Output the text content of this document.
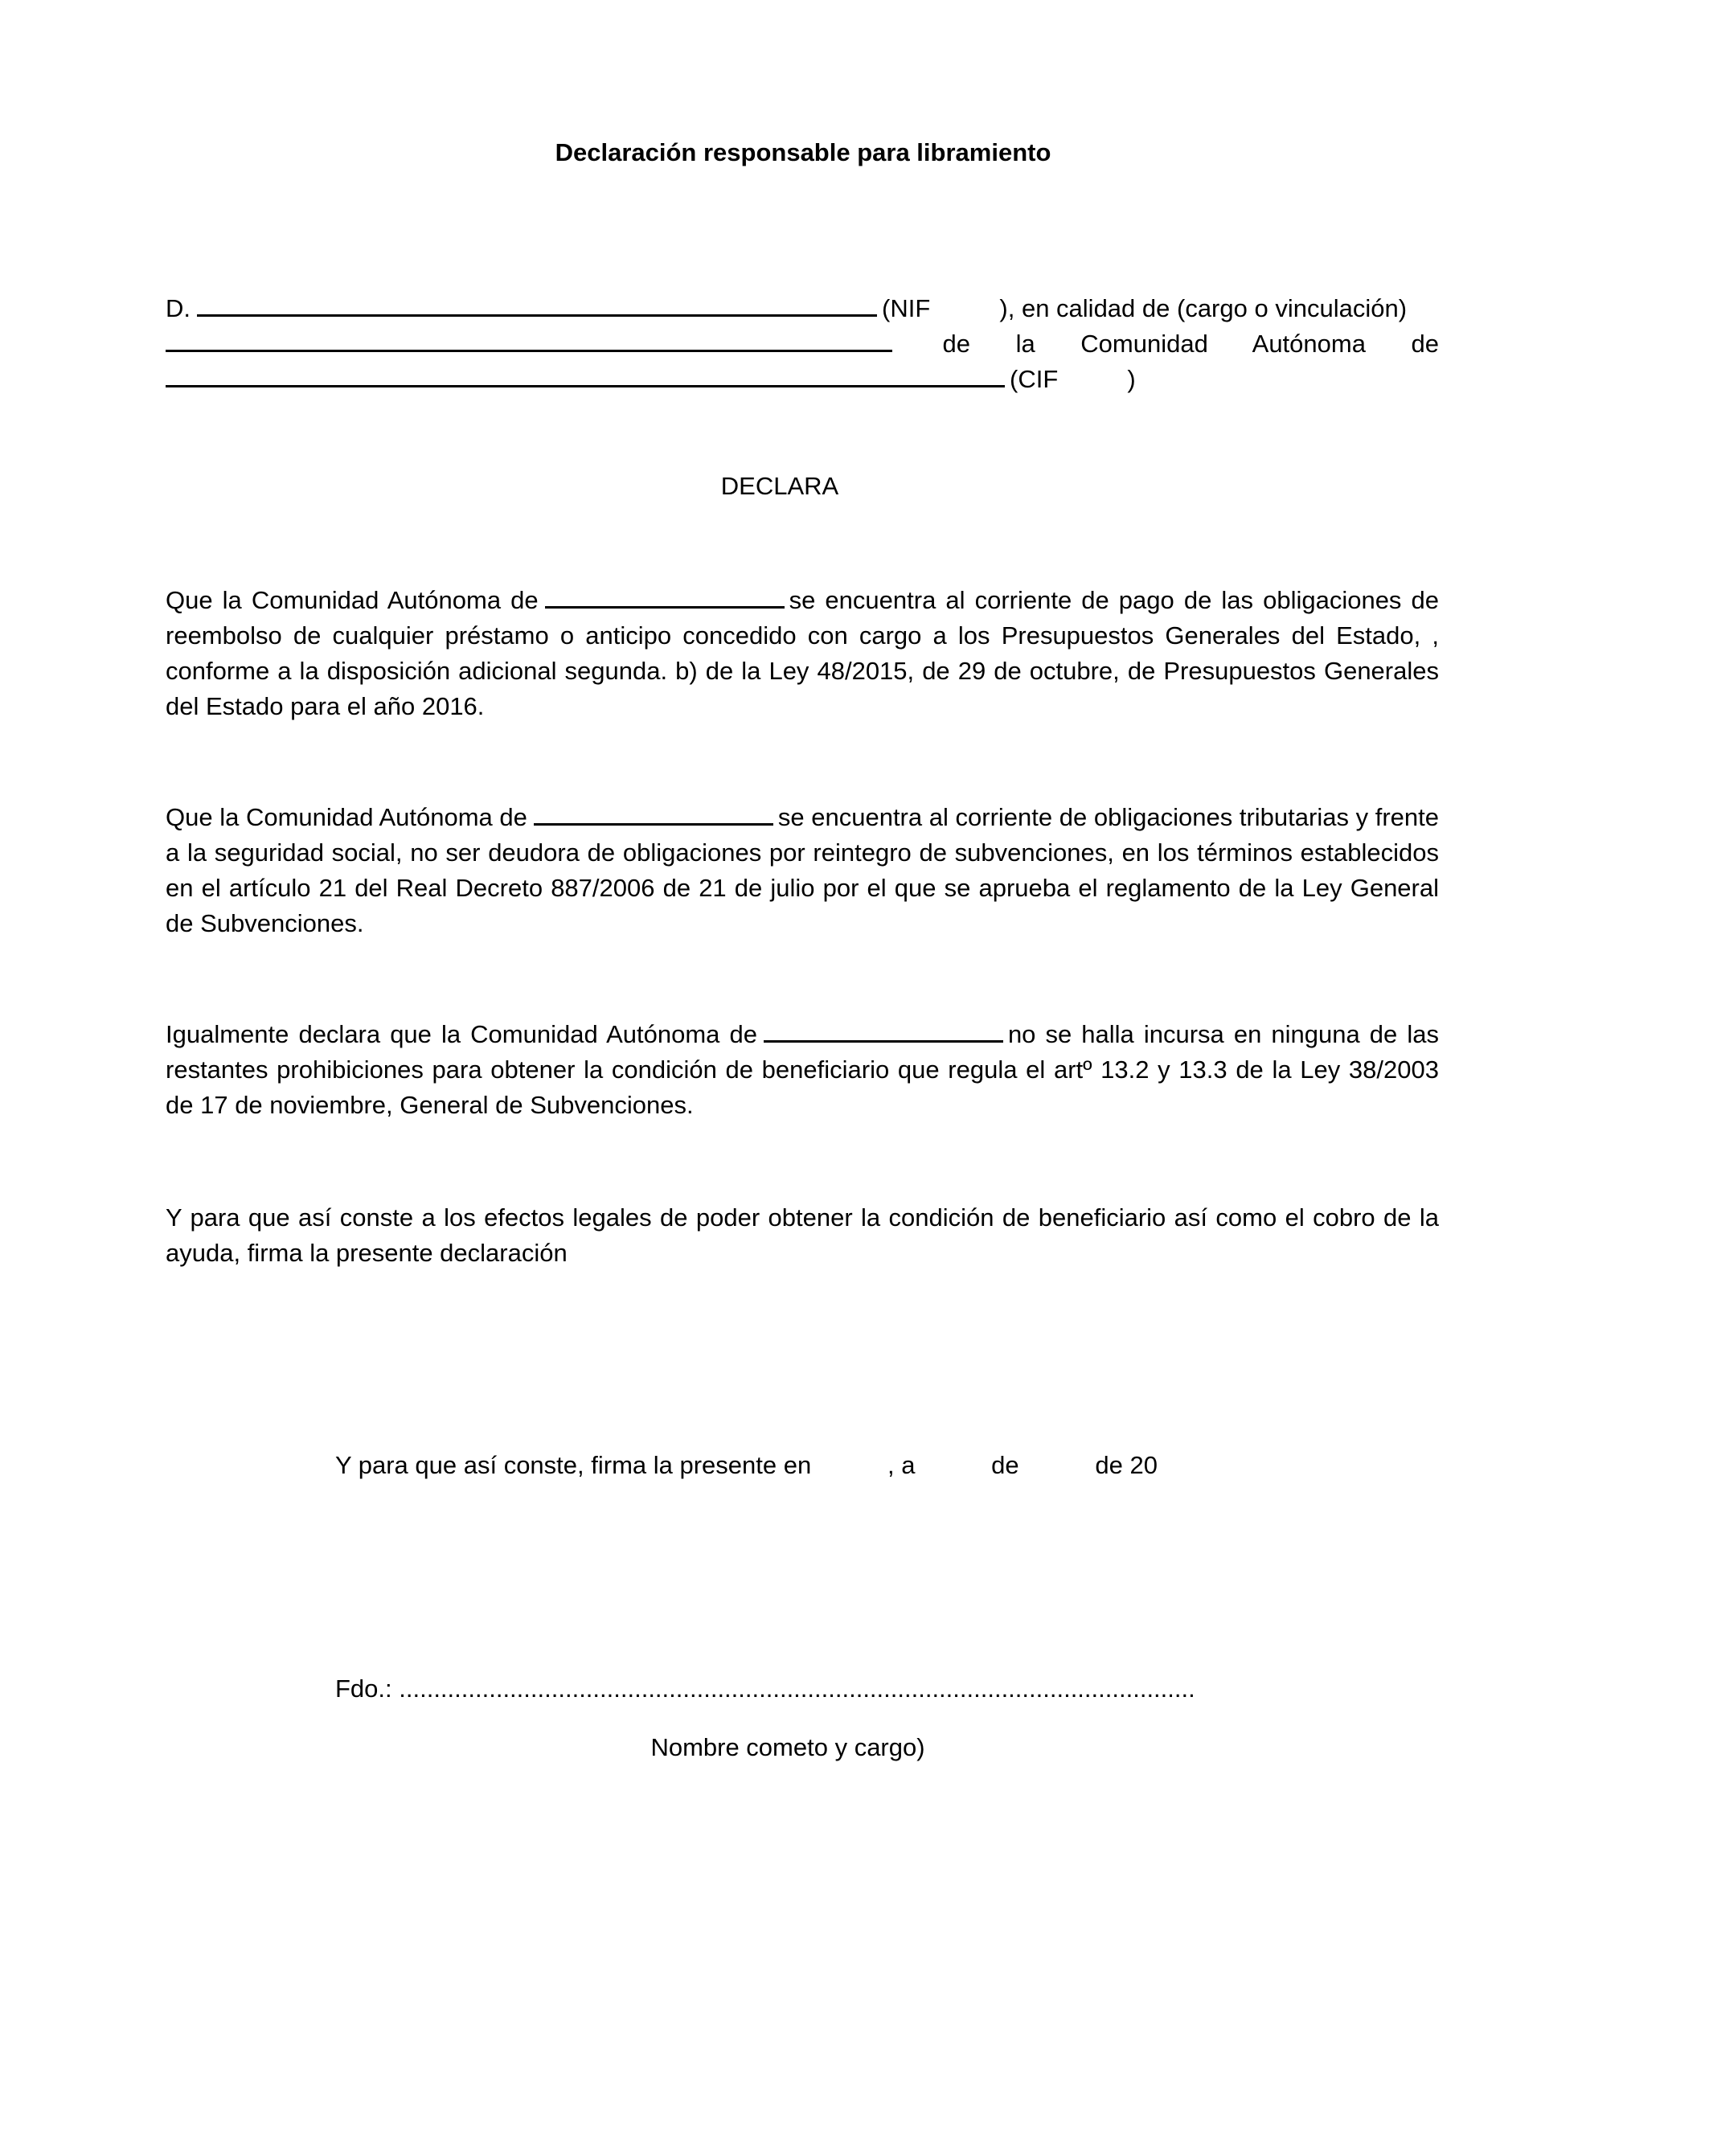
Declaración responsable para libramiento
D.	(NIF	), en calidad de (cargo o vinculación)
de la Comunidad Autónoma de
(CIF	)
DECLARA
Que la Comunidad Autónoma de	se encuentra al corriente de pago de las obligaciones de reembolso de cualquier préstamo o anticipo concedido con cargo a los Presupuestos Generales del Estado, , conforme a la disposición adicional segunda. b) de la Ley 48/2015, de 29 de octubre, de Presupuestos Generales del Estado para el año 2016.
Que la Comunidad Autónoma de	se encuentra al corriente de obligaciones tributarias y frente a la seguridad social, no ser deudora de obligaciones por reintegro de subvenciones, en los términos establecidos en el artículo 21 del Real Decreto 887/2006 de 21 de julio por el que se aprueba el reglamento de la Ley General de Subvenciones.
Igualmente declara que la Comunidad Autónoma de	no se halla incursa en ninguna de las restantes prohibiciones para obtener la condición de beneficiario que regula el artº 13.2 y 13.3 de la Ley 38/2003 de 17 de noviembre, General de Subvenciones.
Y para que así conste a los efectos legales de poder obtener la condición de beneficiario así como el cobro de la ayuda, firma la presente declaración
Y para que así conste, firma la presente en           , a           de           de 20
Fdo.: ...................................................................................................................
Nombre cometo y cargo)
